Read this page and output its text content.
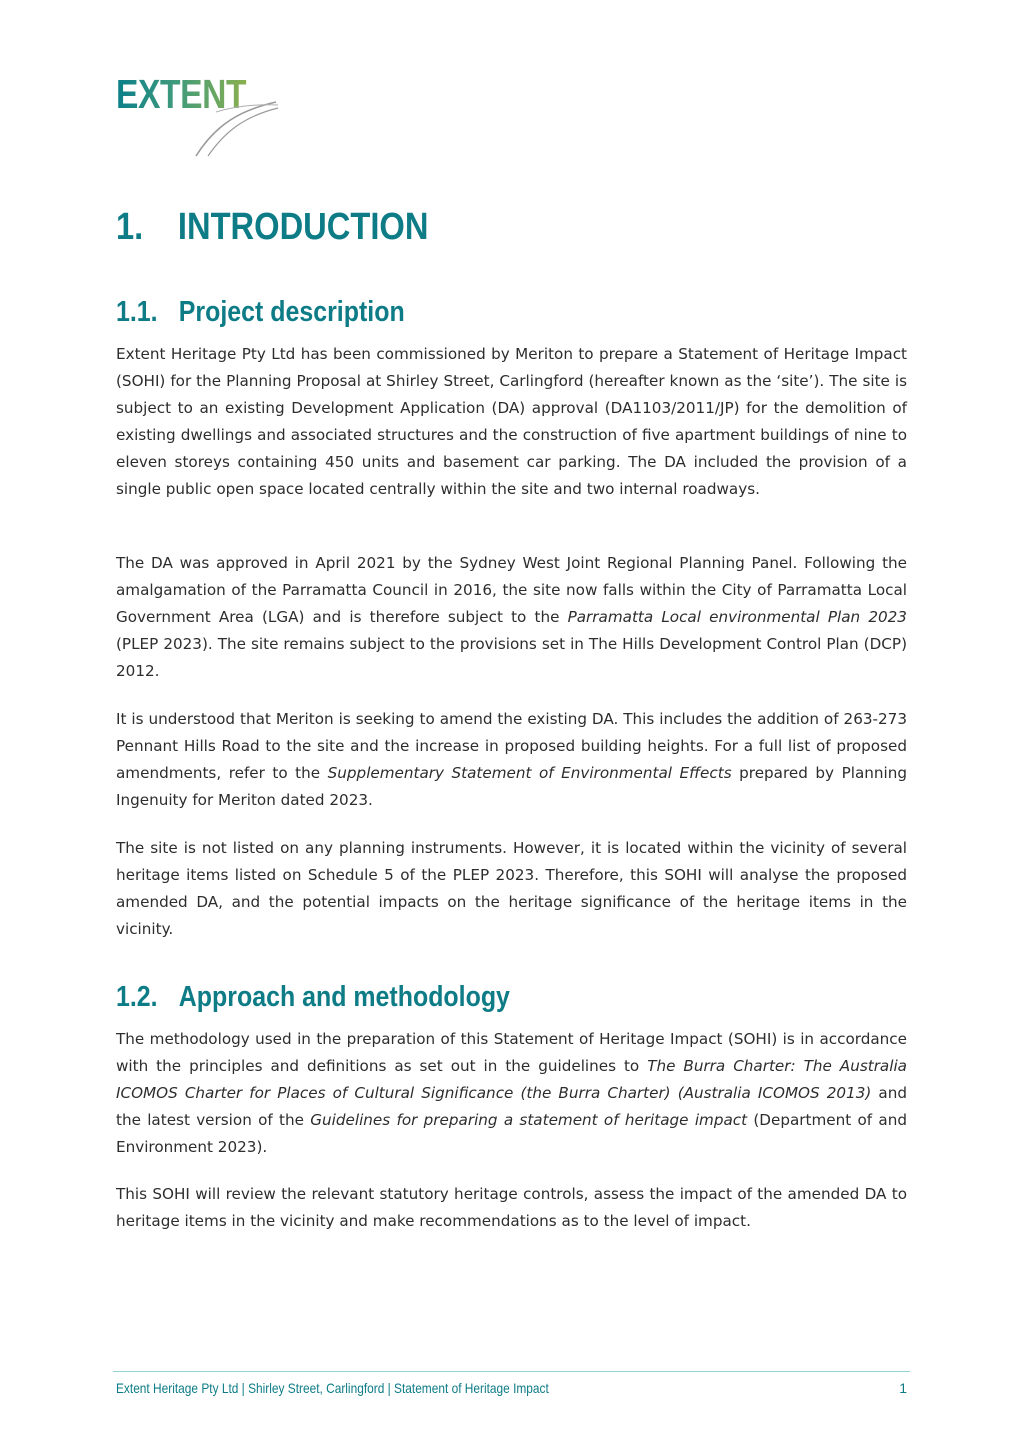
EXTENT
1. INTRODUCTION
1.1. Project description

Extent Heritage Pty Ltd has been commissioned by Meriton to prepare a Statement of Heritage Impact (SOHI) for the Planning Proposal at Shirley Street, Carlingford (hereafter known as the ‘site’). The site is subject to an existing Development Application (DA) approval (DA1103/2011/JP) for the demolition of existing dwellings and associated structures and the construction of five apartment buildings of nine to eleven storeys containing 450 units and basement car parking. The DA included the provision of a single public open space located centrally within the site and two internal roadways.

The DA was approved in April 2021 by the Sydney West Joint Regional Planning Panel. Following the amalgamation of the Parramatta Council in 2016, the site now falls within the City of Parramatta Local Government Area (LGA) and is therefore subject to the Parramatta Local environmental Plan 2023 (PLEP 2023). The site remains subject to the provisions set in The Hills Development Control Plan (DCP) 2012.

It is understood that Meriton is seeking to amend the existing DA. This includes the addition of 263-273 Pennant Hills Road to the site and the increase in proposed building heights. For a full list of proposed amendments, refer to the Supplementary Statement of Environmental Effects prepared by Planning Ingenuity for Meriton dated 2023.

The site is not listed on any planning instruments. However, it is located within the vicinity of several heritage items listed on Schedule 5 of the PLEP 2023. Therefore, this SOHI will analyse the proposed amended DA, and the potential impacts on the heritage significance of the heritage items in the vicinity.

1.2. Approach and methodology

The methodology used in the preparation of this Statement of Heritage Impact (SOHI) is in accordance with the principles and definitions as set out in the guidelines to The Burra Charter: The Australia ICOMOS Charter for Places of Cultural Significance (the Burra Charter) (Australia ICOMOS 2013) and the latest version of the Guidelines for preparing a statement of heritage impact (Department of and Environment 2023).

This SOHI will review the relevant statutory heritage controls, assess the impact of the amended DA to heritage items in the vicinity and make recommendations as to the level of impact.

Extent Heritage Pty Ltd | Shirley Street, Carlingford | Statement of Heritage Impact	1
